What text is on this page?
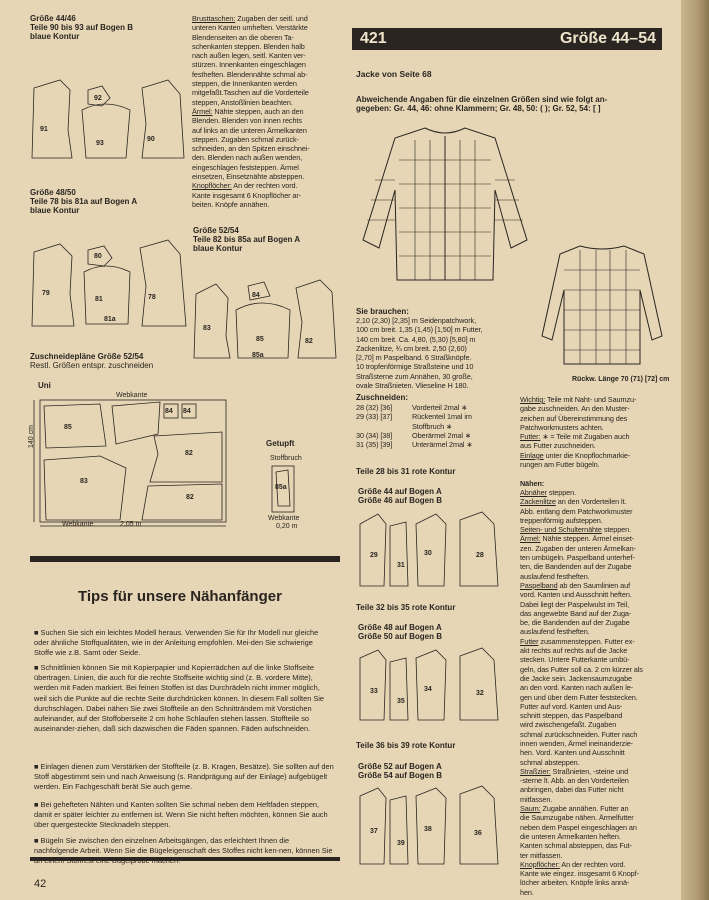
Größe 44/46
Teile 90 bis 93 auf Bogen B
blaue Kontur
92
91
93
90
Größe 48/50
Teile 78 bis 81a auf Bogen A
blaue Kontur
80
79
81	78
81a
Größe 52/54
Teile 82 bis 85a auf Bogen A
blaue Kontur
84
83
85	82
85a
Zuschneidepläne Größe 52/54
Restl. Größen entspr. zuschneiden
Uni
Webkante
85
84 84
82
83
82
140 cm
Webkante	2,05 m
Getupft
Stoffbruch
85a
Webkante
0,20 m
Brusttaschen: Zugaben der seitl. und
unteren Kanten umheften. Verstärkte
Blendenseiten an die oberen Ta-
schenkanten steppen. Blenden halb
nach außen legen, seitl. Kanten ver-
stürzen. Innenkanten eingeschlagen
festheften. Blendennähte schmal ab-
steppen, die Innenkanten werden
mitgefaßt.Taschen auf die Vorderteile
steppen, Anstoßlinien beachten.
Ärmel: Nähte steppen, auch an den
Blenden. Blenden von innen rechts
auf links an die unteren Ärmelkanten
steppen. Zugaben schmal zurück-
schneiden, an den Spitzen einschnei-
den. Blenden nach außen wenden,
eingeschlagen feststeppen. Ärmel
einsetzen, Einsetznähte absteppen.
Knopflöcher: An der rechten vord.
Kante insgesamt 6 Knopflöcher ar-
beiten. Knöpfe annähen.
Tips für unsere Nähanfänger
■ Suchen Sie sich ein leichtes Modell heraus. Verwenden Sie für Ihr Modell nur gleiche oder ähnliche Stoffqualitäten, wie in der Anleitung empfohlen. Mei-den Sie schwierige Stoffe wie z.B. Samt oder Seide.
■ Schnittlinien können Sie mit Kopierpapier und Kopierrädchen auf die linke Stoffseite übertragen. Linien, die auch für die rechte Stoffseite wichtig sind (z. B. vordere Mitte), werden mit Faden markiert. Bei feinen Stoffen ist das Durchrädeln nicht immer möglich, weil sich die Punkte auf die rechte Seite durchdrücken können. In diesem Fall sollten Sie durchschlagen. Dabei nähen Sie zwei Stoffteile an den Schnitträndern mit Vorstichen aufeinander, auf der Stoffoberseite 2 cm hohe Schlaufen stehen lassen. Stoffteile so auseinander-ziehen, daß sich dazwischen die Fäden spannen. Fäden aufschneiden.
■ Einlagen dienen zum Verstärken der Stoffteile (z. B. Kragen, Besätze). Sie sollten auf den Stoff abgestimmt sein und nach Anweisung (s. Randprägung auf der Einlage) aufgebügelt werden. Ein Fachgeschäft berät Sie auch gerne.
■ Bei gehefteten Nähten und Kanten sollten Sie schmal neben dem Heftfaden steppen, damit er später leichter zu entfernen ist. Wenn Sie nicht heften möchten, können Sie auch über quergesteckte Stecknadeln steppen.
■ Bügeln Sie zwischen den einzelnen Arbeitsgängen, das erleichtert Ihnen die nachfolgende Arbeit. Wenn Sie die Bügeleigenschaft des Stoffes nicht ken-nen, können Sie an einem Stoffrest eine Bügelprobe machen.
42
421	Größe 44–54
Jacke von Seite 68
Abweichende Angaben für die einzelnen Größen sind wie folgt an-
gegeben: Gr. 44, 46: ohne Klammern; Gr. 48, 50: ( ); Gr. 52, 54: [ ]
Rückw. Länge 70 (71) [72] cm
Sie brauchen:
2,10 (2,30) [2,35] m Seidenpatchwork,
100 cm breit. 1,35 (1,45) [1,50] m Futter,
140 cm breit. Ca. 4,80, (5,30) [5,80] m
Zackenlitze, ¾ cm breit. 2,50 (2,60)
[2,70] m Paspelband. 6 Straßknöpfe.
10 tropfenförmige Straßsteine und 10
Straßsterne zum Annähen, 30 große,
ovale Straßnieten. Vlieseline H 180.
Zuschneiden:
28 (32) [36]	Vorderteil 2mal ∗
29 (33) [37]	Rückenteil 1mal im
Stoffbruch ∗
30 (34) [38]	Oberärmel 2mal ∗
31 (35) [39]	Unterärmel 2mal ∗
Teile 28 bis 31 rote Kontur
Größe 44 auf Bogen A
Größe 46 auf Bogen B
29
31
30	28
Teile 32 bis 35 rote Kontur
Größe 48 auf Bogen A
Größe 50 auf Bogen B
33
35
34
32
Teile 36 bis 39 rote Kontur
Größe 52 auf Bogen A
Größe 54 auf Bogen B
37
39
38
36
Wichtig: Teile mit Naht- und Saumzu-
gabe zuschneiden. An den Muster-
zeichen auf Übereinstimmung des
Patchworkmusters achten.
Futter: ∗ = Teile mit Zugaben auch
aus Futter zuschneiden.
Einlage unter die Knopflochmarkie-
rungen am Futter bügeln.

Nähen:
Abnäher steppen.
Zackenlitze an den Vorderteilen lt.
Abb. entlang dem Patchworkmuster
treppenförmig aufsteppen.
Seiten- und Schulternähte steppen.
Ärmel: Nähte steppen. Ärmel einset-
zen. Zugaben der unteren Ärmelkan-
ten umbügeln. Paspelband unterhef-
ten, die Bandenden auf der Zugabe
auslaufend festheften.
Paspelband ab den Saumlinien auf
vord. Kanten und Ausschnitt heften.
Dabei liegt der Paspelwulst im Teil,
das angewebte Band auf der Zuga-
be, die Bandenden auf der Zugabe
auslaufend festheften.
Futter zusammensteppen. Futter ex-
akt rechts auf rechts auf die Jacke
stecken. Untere Futterkante umbü-
geln, das Futter soll ca. 2 cm kürzer als
die Jacke sein. Jackensaumzugabe
an den vord. Kanten nach außen le-
gen und über dem Futter feststecken.
Futter auf vord. Kanten und Aus-
schnitt steppen, das Paspelband
wird zwischengefaßt. Zugaben
schmal zurückschneiden. Futter nach
innen wenden, Ärmel ineinanderzie-
hen. Vord. Kanten und Ausschnitt
schmal absteppen.
Straßzier: Straßnieten, -steine und
-sterne lt. Abb. an den Vorderteilen
anbringen, dabei das Futter nicht
mitfassen.
Saum: Zugabe annähen. Futter an
die Saumzugabe nähen. Ärmelfutter
neben dem Paspel eingeschlagen an
die unteren Ärmelkanten heften.
Kanten schmal absteppen, das Fut-
ter mitfassen.
Knopflöcher: An der rechten vord.
Kante wie eingez. insgesamt 6 Knopf-
löcher arbeiten. Knöpfe links annä-
hen.
